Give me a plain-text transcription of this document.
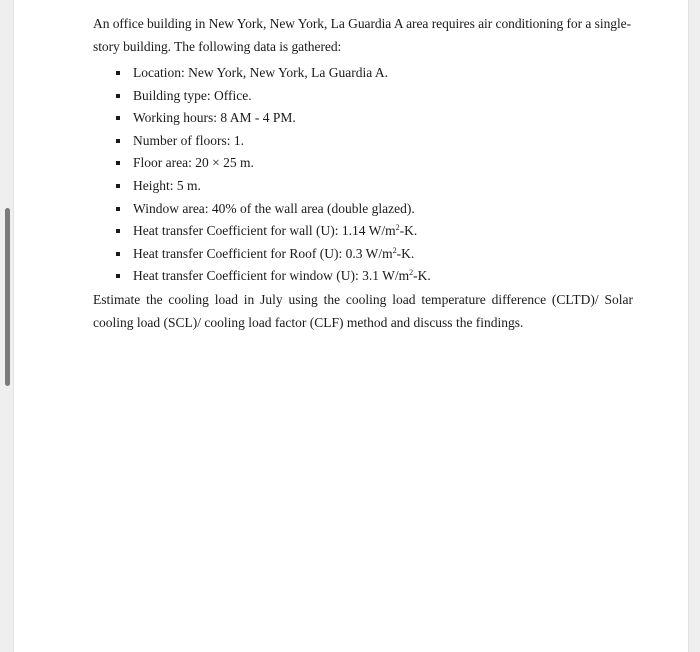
An office building in New York, New York, La Guardia A area requires air conditioning for a single-story building. The following data is gathered:

Location: New York, New York, La Guardia A.
Building type: Office.
Working hours: 8 AM - 4 PM.
Number of floors: 1.
Floor area: 20 × 25 m.
Height: 5 m.
Window area: 40% of the wall area (double glazed).
Heat transfer Coefficient for wall (U): 1.14 $W/m^2-K$.
Heat transfer Coefficient for Roof (U): 0.3 $W/m^2-K$.
Heat transfer Coefficient for window (U): 3.1 $W/m^2-K$.

Estimate the cooling load in July using the cooling load temperature difference (CLTD)/ Solar cooling load (SCL)/ cooling load factor (CLF) method and discuss the findings.
